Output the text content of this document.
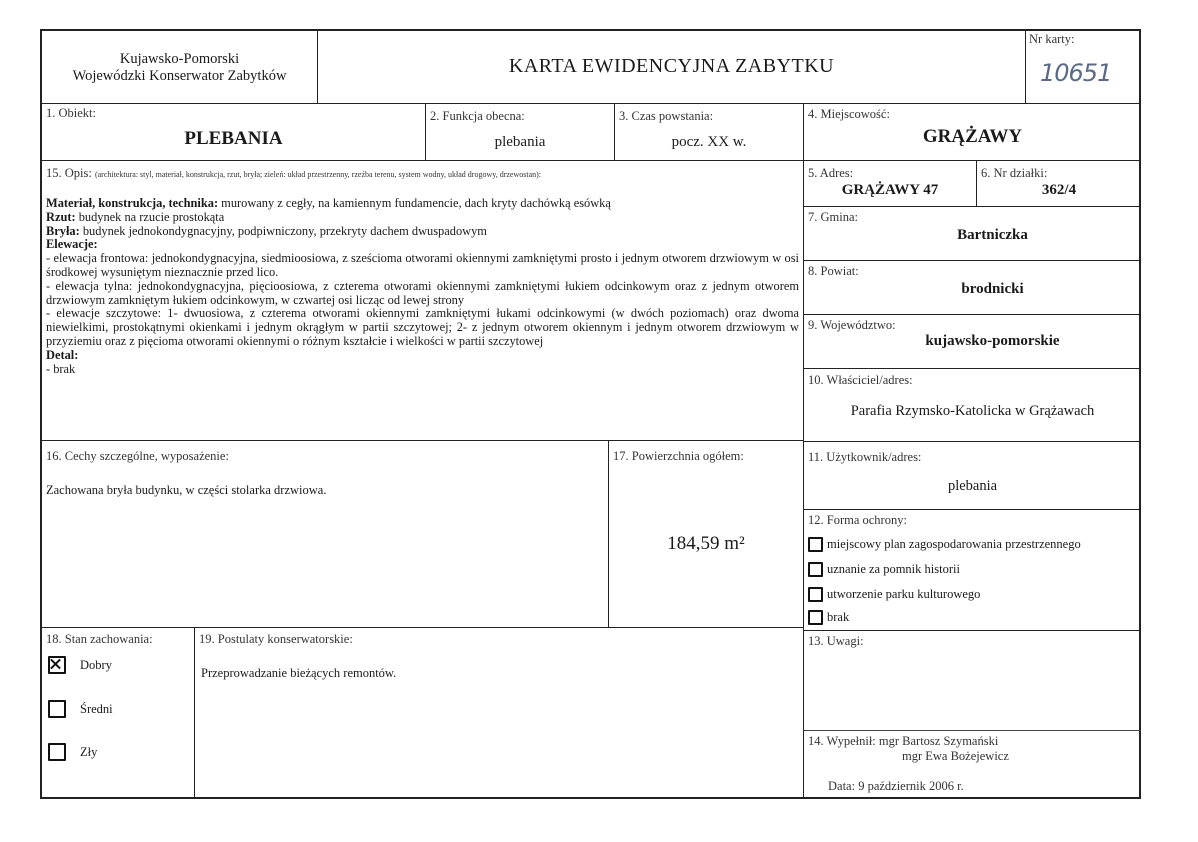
Kujawsko-Pomorski
Wojewódzki Konserwator Zabytków	KARTA EWIDENCYJNA ZABYTKU
Nr karty:
10651
1. Obiekt:
PLEBANIA
2. Funkcja obecna:
plebania
3. Czas powstania:
pocz. XX w.
4. Miejscowość:
GRĄŻAWY
15. Opis: (architektura: styl, materiał, konstrukcja, rzut, bryła; zieleń: układ przestrzenny, rzeźba terenu, system wodny, układ drogowy, drzewostan):

Materiał, konstrukcja, technika: murowany z cegły, na kamiennym fundamencie, dach kryty dachówką esówką

Rzut: budynek na rzucie prostokąta

Bryła: budynek jednokondygnacyjny, podpiwniczony, przekryty dachem dwuspadowym

Elewacje:

- elewacja frontowa: jednokondygnacyjna, siedmioosiowa, z sześcioma otworami okiennymi zamkniętymi prosto i jednym otworem drzwiowym w osi środkowej wysuniętym nieznacznie przed lico.

- elewacja tylna: jednokondygnacyjna, pięcioosiowa, z czterema otworami okiennymi zamkniętymi łukiem odcinkowym oraz z jednym otworem drzwiowym zamkniętym łukiem odcinkowym, w czwartej osi licząc od lewej strony

- elewacje szczytowe: 1- dwuosiowa, z czterema otworami okiennymi zamkniętymi łukami odcinkowymi (w dwóch poziomach) oraz dwoma niewielkimi, prostokątnymi okienkami i jednym okrągłym w partii szczytowej; 2- z jednym otworem okiennym i jednym otworem drzwiowym w przyziemiu oraz z pięcioma otworami okiennymi o różnym kształcie i wielkości w partii szczytowej

Detal:

- brak

5. Adres:
GRĄŻAWY 47
6. Nr działki:
362/4
7. Gmina:
Bartniczka
8. Powiat:
brodnicki
9. Województwo:
kujawsko-pomorskie
10. Właściciel/adres:
Parafia Rzymsko-Katolicka w Grążawach
16. Cechy szczególne, wyposażenie:
Zachowana bryła budynku, w części stolarka drzwiowa.
17. Powierzchnia ogółem:
184,59 m²
11. Użytkownik/adres:
plebania
12. Forma ochrony:
miejscowy plan zagospodarowania przestrzennego
uznanie za pomnik historii
utworzenie parku kulturowego
brak
18. Stan zachowania:
Dobry
Średni
Zły
19. Postulaty konserwatorskie:
Przeprowadzanie bieżących remontów.
13. Uwagi:
14. Wypełnił: mgr Bartosz Szymański
mgr Ewa Bożejewicz
Data: 9 październik 2006 r.
